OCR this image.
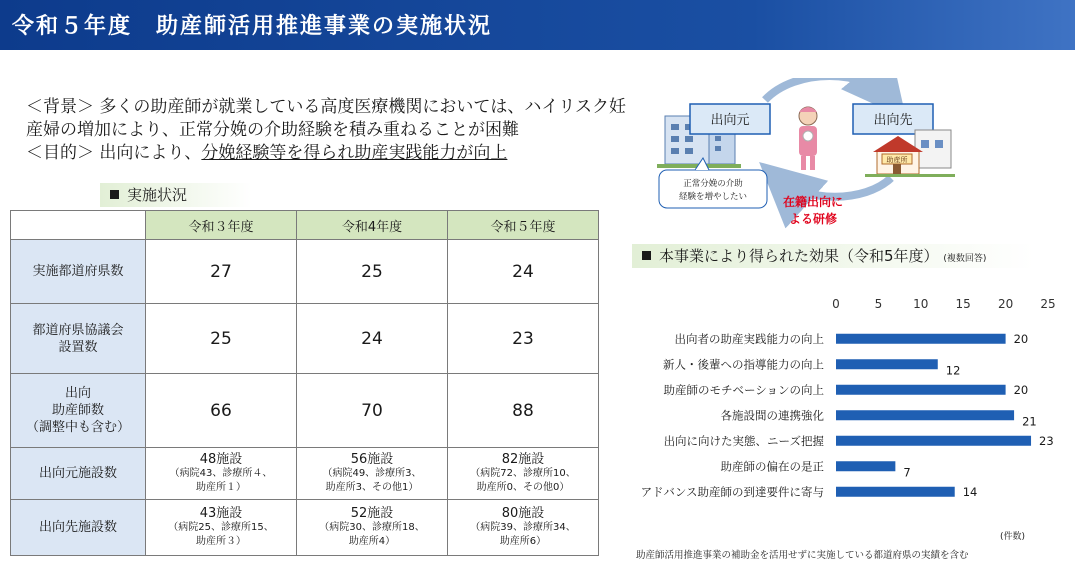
令和５年度　助産師活用推進事業の実施状況
＜背景＞ 多くの助産師が就業している高度医療機関においては、ハイリスク妊
産婦の増加により、正常分娩の介助経験を積み重ねることが困難
＜目的＞ 出向により、分娩経験等を得られ助産実践能力が向上
実施状況
	令和３年度	令和4年度	令和５年度
実施都道府県数	27	25	24
都道府県協議会
設置数	25	24	23
出向
助産師数
（調整中も含む）	66	70	88
出向元施設数	48施設
（病院43、診療所４、
助産所１）	56施設
（病院49、診療所3、
助産所3、その他1）	82施設
（病院72、診療所10、
助産所0、その他0）

出向先施設数	43施設
（病院25、診療所15、
助産所３）	52施設
（病院30、診療所18、
助産所4）	80施設
（病院39、診療所34、
助産所6）
出向元	出向先
助産所
正常分娩の介助
経験を増やしたい	在籍出向に
よる研修
本事業により得られた効果（令和5年度） (複数回答)
0	5	10 15 20 25
出向者の助産実践能力の向上
新人・後輩への指導能力の向上
助産師のモチベーションの向上
各施設間の連携強化
出向に向けた実態、ニーズ把握
助産師の偏在の是正
アドバンス助産師の到達要件に寄与
20
12
20
21
23
7
14
(件数)
助産師活用推進事業の補助金を活用せずに実施している都道府県の実績を含む
